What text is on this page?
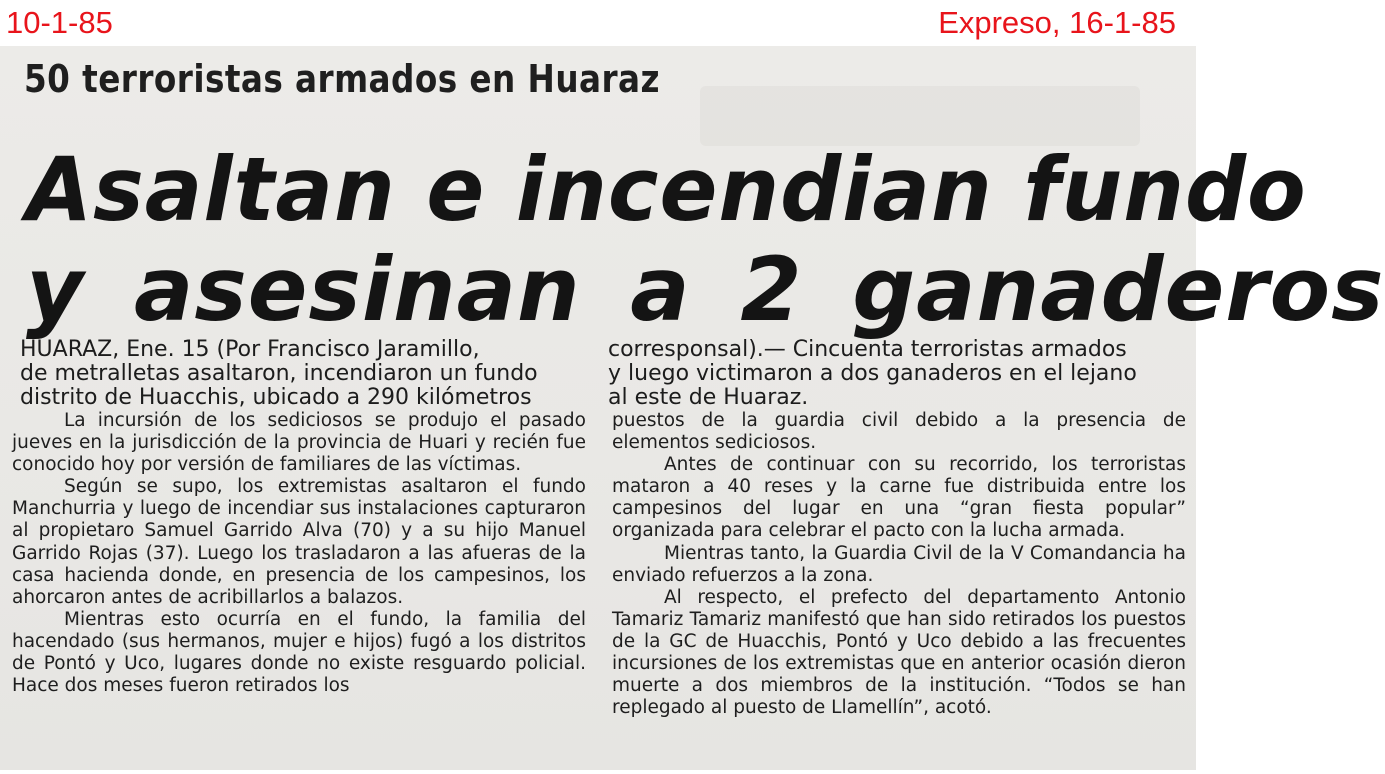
10-1-85	Expreso, 16-1-85
50 terroristas armados en Huaraz
Asaltan e incendian fundo
y asesinan a 2 ganaderos
HUARAZ, Ene. 15 (Por Francisco Jaramillo,
de metralletas asaltaron, incendiaron un fundo
distrito de Huacchis, ubicado a 290 kilómetros
corresponsal).— Cincuenta terroristas armados
y luego victimaron a dos ganaderos en el lejano
al este de Huaraz.

La incursión de los sediciosos se produjo el pasado jueves en la jurisdicción de la provincia de Huari y recién fue conocido hoy por versión de familiares de las víctimas.

Según se supo, los extremistas asaltaron el fundo Manchurria y luego de incendiar sus instalaciones capturaron al propietaro Samuel Garrido Alva (70) y a su hijo Manuel Garrido Rojas (37). Luego los trasladaron a las afueras de la casa hacienda donde, en presencia de los campesinos, los ahorcaron antes de acribillarlos a balazos.

Mientras esto ocurría en el fundo, la familia del hacendado (sus hermanos, mujer e hijos) fugó a los distritos de Pontó y Uco, lugares donde no existe resguardo policial. Hace dos meses fueron retirados los

puestos de la guardia civil debido a la presencia de elementos sediciosos.

Antes de continuar con su recorrido, los terroristas mataron a 40 reses y la carne fue distribuida entre los campesinos del lugar en una “gran fiesta popular” organizada para celebrar el pacto con la lucha armada.

Mientras tanto, la Guardia Civil de la V Comandancia ha enviado refuerzos a la zona.

Al respecto, el prefecto del departamento Antonio Tamariz Tamariz manifestó que han sido retirados los puestos de la GC de Huacchis, Pontó y Uco debido a las frecuentes incursiones de los extremistas que en anterior ocasión dieron muerte a dos miembros de la institución. “Todos se han replegado al puesto de Llamellín”, acotó.
